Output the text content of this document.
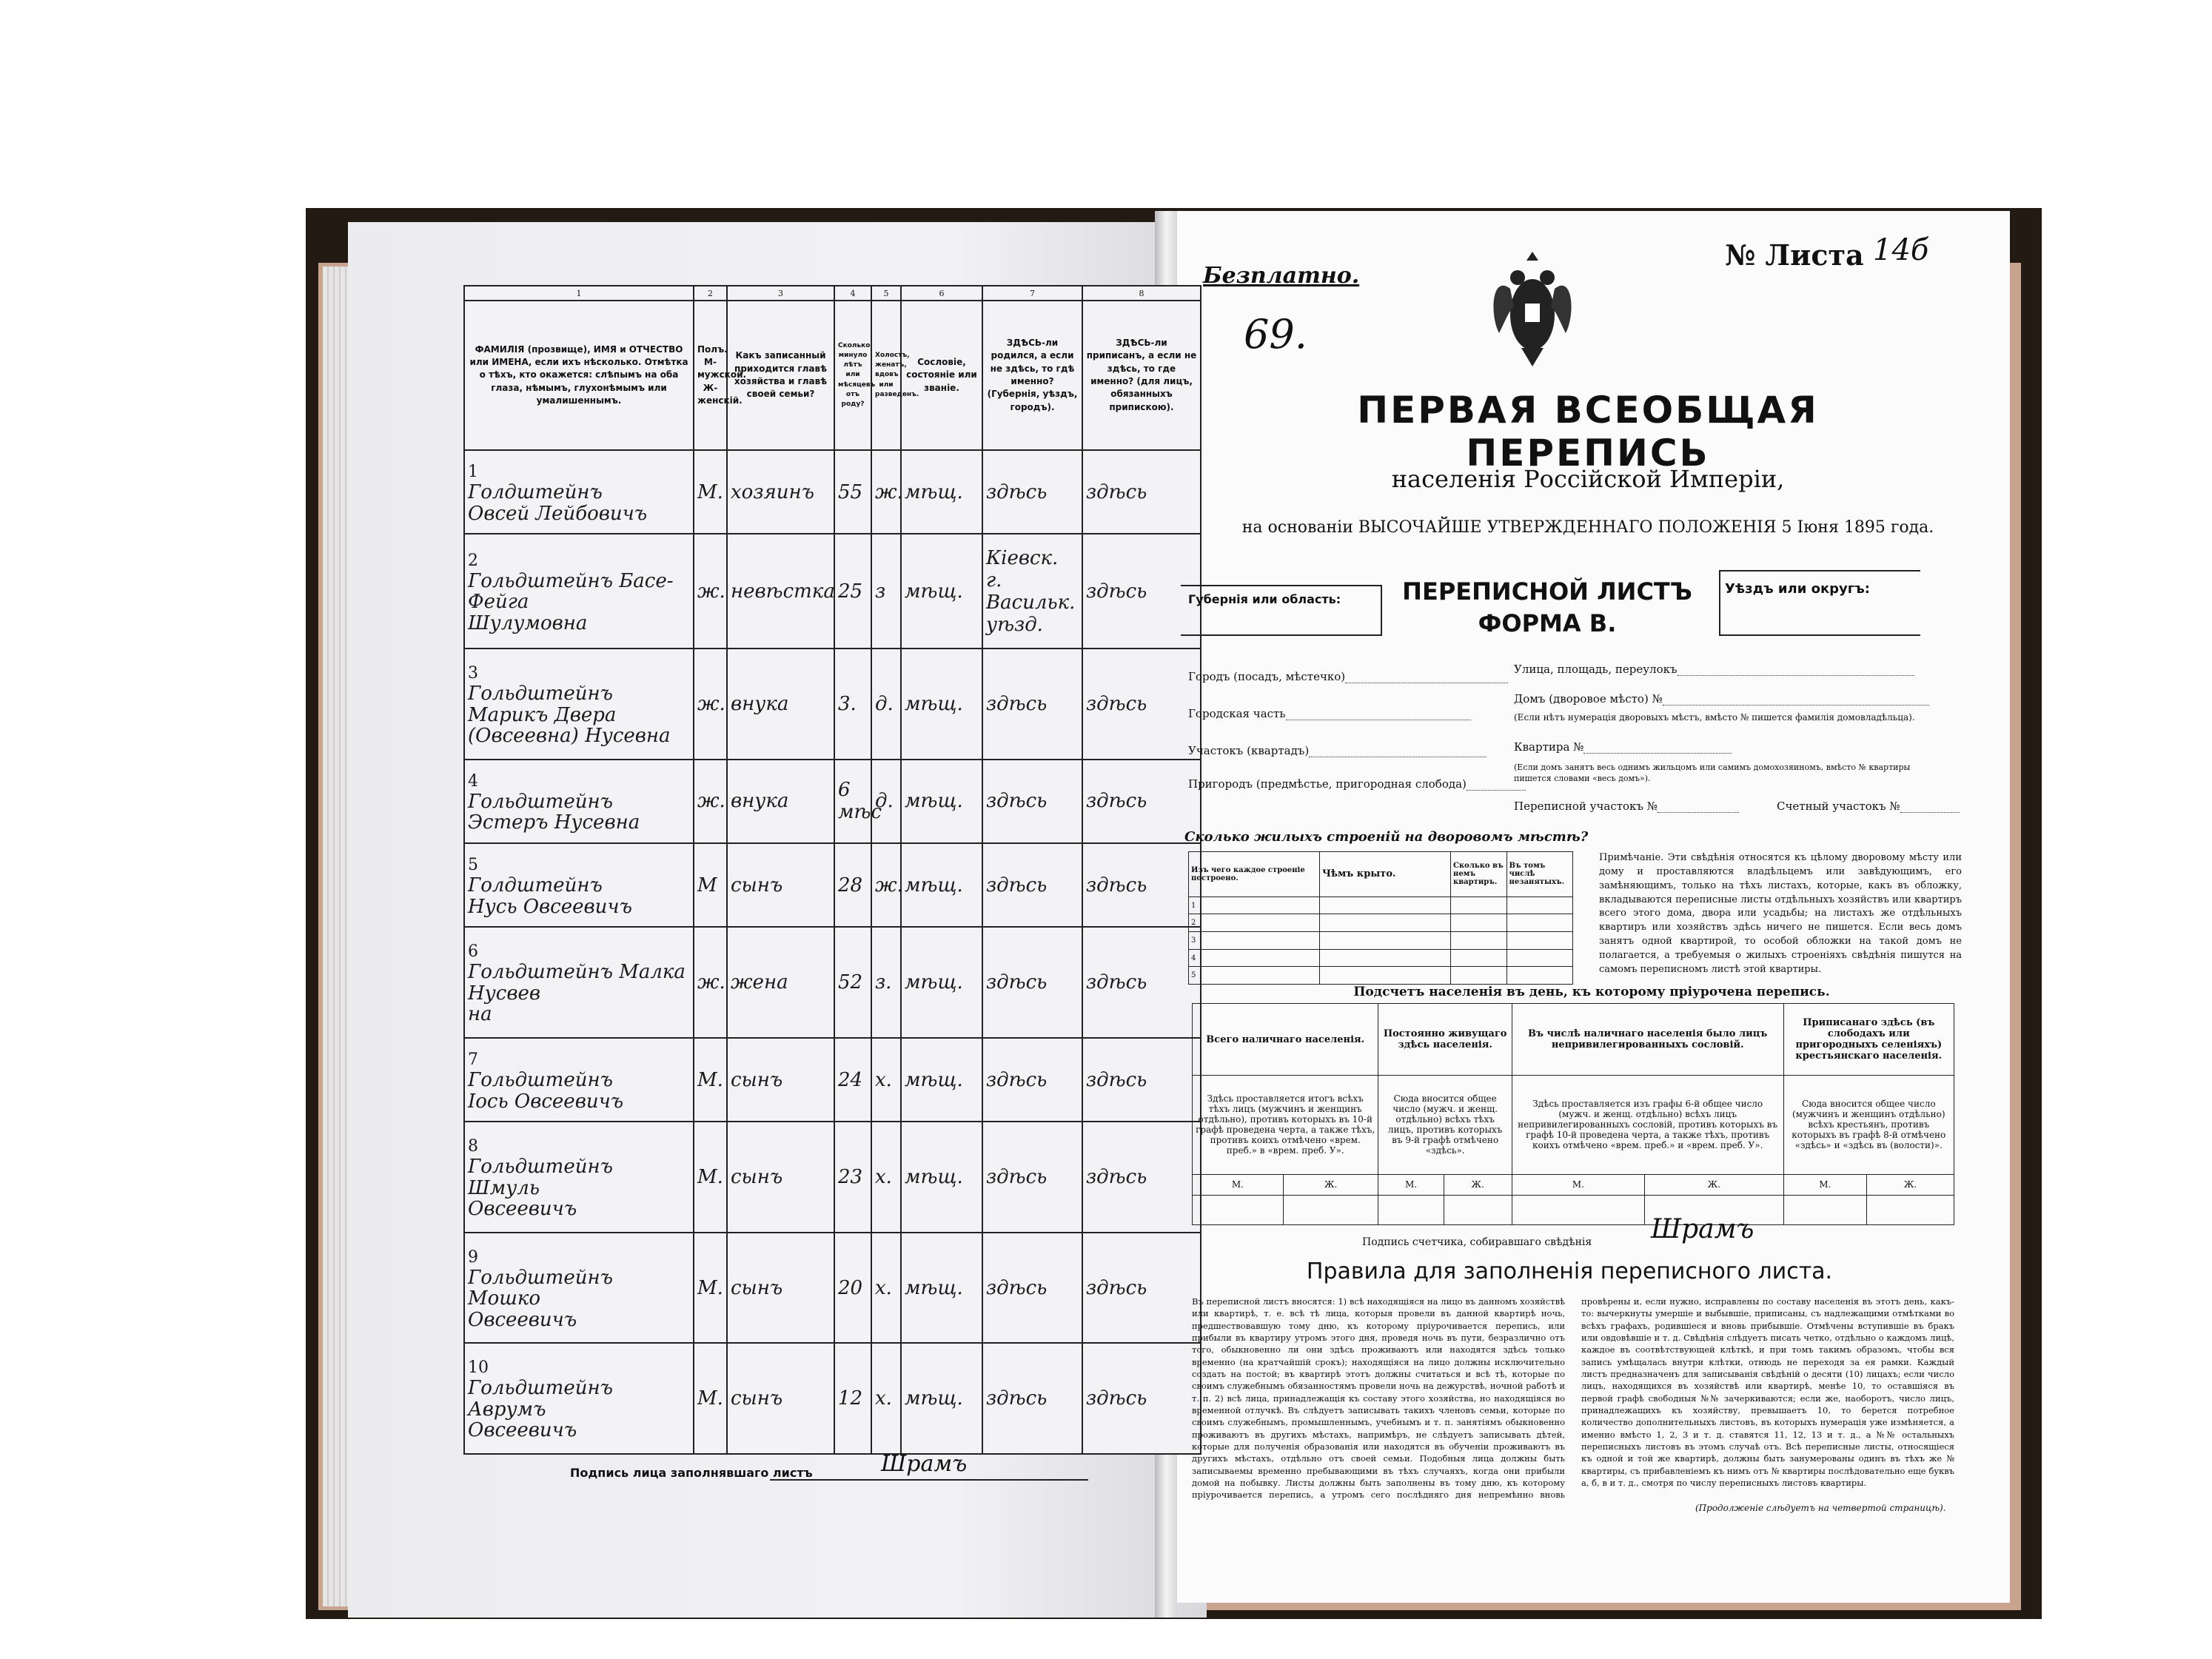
1	2	3	4	5	6	7	8
ФАМИЛІЯ (прозвище), ИМЯ и ОТЧЕСТВО или ИМЕНА, если ихъ нѣсколько. Отмѣтка о тѣхъ, кто окажется: слѣпымъ на оба глаза, нѣмымъ, глухонѣмымъ или умалишеннымъ.	Полъ. М-мужской. Ж-женскій.	Какъ записанный приходится главѣ хозяйства и главѣ своей семьи?	Сколько минуло лѣтъ или мѣсяцевъ отъ роду?	Холостъ, женатъ, вдовъ или разведенъ.	Сословіе, состояніе или званіе.	ЗДѢСЬ-ли родился, а если не здѣсь, то гдѣ именно? (Губернія, уѣздъ, городъ).	ЗДѢСЬ-ли приписанъ, а если не здѣсь, то где именно? (для лицъ, обязанныхъ припискою).
1
Голдштейнъ
Овсей Лейбовичъ	М.	хозяинъ	55	ж.	мѣщ.	здѣсь	здѣсь
2
Гольдштейнъ Басе-Фейга
Шулумовна	ж.	невѣстка	25	з	мѣщ.	Кіевск. г. Васильк. уѣзд.	здѣсь
3
Гольдштейнъ Марикъ Двера
(Овсеевна) Нусевна	ж.	внука	3.	д.	мѣщ.	здѣсь	здѣсь
4
Гольдштейнъ
Эстеръ Нусевна	ж.	внука	6 мѣс	д.	мѣщ.	здѣсь	здѣсь
5
Голдштейнъ
Нусь Овсеевичъ	М	сынъ	28	ж.	мѣщ.	здѣсь	здѣсь
6
Гольдштейнъ Малка Нусвев
на	ж.	жена	52	з.	мѣщ.	здѣсь	здѣсь
7
Гольдштейнъ
Іось Овсеевичъ	М.	сынъ	24	х.	мѣщ.	здѣсь	здѣсь
8
Гольдштейнъ Шмуль
Овсеевичъ	М.	сынъ	23	х.	мѣщ.	здѣсь	здѣсь
9
Гольдштейнъ Мошко
Овсеевичъ	М.	сынъ	20	х.	мѣщ.	здѣсь	здѣсь
10
Гольдштейнъ Аврумъ
Овсеевичъ	М.	сынъ	12	х.	мѣщ.	здѣсь	здѣсь
Подпись лица заполнявшаго листъ	Шрамъ
Безплатно.
№ Листа 14б
69.
ПЕРВАЯ ВСЕОБЩАЯ ПЕРЕПИСЬ
населенія Россійской Имперіи,
на основаніи ВЫСОЧАЙШЕ УТВЕРЖДЕННАГО ПОЛОЖЕНІЯ 5 Іюня 1895 года.
Губернія или область:	ПЕРЕПИСНОЙ ЛИСТЪ
ФОРМА В.
Уѣздъ или округъ:
Городъ (посадъ, мѣстечко)
Городская часть
Участокъ (квартадъ)
Пригородъ (предмѣстье, пригородная слобода)
Улица, площадь, переулокъ
Домъ (дворовое мѣсто) №
(Если нѣтъ нумерація дворовыхъ мѣстъ, вмѣсто № пишется фамилія домовладѣльца).
Квартира №
(Если домъ занятъ весь однимъ жильцомъ или самимъ домохозяиномъ, вмѣсто № квартиры пишется словами «весь домъ»).
Переписной участокъ №	Счетный участокъ №
Сколько жилыхъ строеній на дворовомъ мѣстѣ?
Изъ чего каждое строеніе построено.	Чѣмъ крыто.	Сколько въ немъ квартиръ.	Въ томъ числѣ незанятыхъ.
1			
2			
3			
4			
5			
Примѣчаніе. Эти свѣдѣнія относятся къ цѣлому дворовому мѣсту или дому и проставляются владѣльцемъ или завѣдующимъ, его замѣняющимъ, только на тѣхъ листахъ, которые, какъ въ обложку, вкладываются переписные листы отдѣльныхъ хозяйствъ или квартиръ всего этого дома, двора или усадьбы; на листахъ же отдѣльныхъ квартиръ или хозяйствъ здѣсь ничего не пишется. Если весь домъ занятъ одной квартирой, то особой обложки на такой домъ не полагается, а требуемыя о жилыхъ строеніяхъ свѣдѣнія пишутся на самомъ переписномъ листѣ этой квартиры.
Подсчетъ населенія въ день, къ которому пріурочена перепись.
Всего наличнаго населенія.		Постоянно живущаго здѣсь населенія.		Въ числѣ наличнаго населенія было лицъ непривилегированныхъ сословій.		Приписанаго здѣсь (въ слободахъ или пригородныхъ селеніяхъ) крестьянскаго населенія.	
Здѣсь проставляется итогъ всѣхъ тѣхъ лицъ (мужчинъ и женщинъ отдѣльно), противъ которыхъ въ 10-й графѣ проведена черта, а также тѣхъ, противъ коихъ отмѣчено «врем. преб.» в «врем. преб. У».		Сюда вносится общее число (мужч. и женщ. отдѣльно) всѣхъ тѣхъ лицъ, противъ которыхъ въ 9-й графѣ отмѣчено «здѣсь».		Здѣсь проставляется изъ графы 6-й общее число (мужч. и женщ. отдѣльно) всѣхъ лицъ непривилегированныхъ сословій, противъ которыхъ въ графѣ 10-й проведена черта, а также тѣхъ, противъ коихъ отмѣчено «врем. преб.» и «врем. преб. У».		Сюда вносится общее число (мужчинъ и женщинъ отдѣльно) всѣхъ крестьянъ, противъ которыхъ въ графѣ 8-й отмѣчено «здѣсь» и «здѣсь въ (волости)».	
М.	Ж.	М.	Ж.	М.	Ж.	М.	Ж.

Подпись счетчика, собиравшаго свѣдѣнія Шрамъ
Правила для заполненія переписного листа.
Въ переписной листъ вносятся: 1) всѣ находящіяся на лицо въ данномъ хозяйствѣ или квартирѣ, т. е. всѣ тѣ лица, которыя провели въ данной квартирѣ ночь, предшествовавшую тому дню, къ которому пріурочивается перепись, или прибыли въ квартиру утромъ этого дня, проведя ночь въ пути, безразлично отъ того, обыкновенно ли они здѣсь проживаютъ или находятся здѣсь только временно (на кратчайшій срокъ); находящіяся на лицо должны исключительно создать на постой; въ квартирѣ этотъ должны считаться и всѣ тѣ, которые по своимъ служебнымъ обязанностямъ провели ночь на дежурствѣ, ночной работѣ и т. п. 2) всѣ лица, принадлежащія къ составу этого хозяйства, но находящіяся во временной отлучкѣ. Въ слѣдуетъ записывать такихъ членовъ семьи, которые по своимъ служебнымъ, промышленнымъ, учебнымъ и т. п. занятіямъ обыкновенно проживаютъ въ другихъ мѣстахъ, напримѣръ, не слѣдуетъ записывать дѣтей, которые для полученія образованія или находятся въ обученіи проживаютъ въ другихъ мѣстахъ, отдѣльно отъ своей семьи. Подобныя лица должны быть записываемы временно пребывающими въ тѣхъ случаяхъ, когда они прибыли домой на побывку. Листы должны быть заполнены въ тому дню, къ которому пріурочивается перепись, а утромъ сего послѣдняго дня непремѣнно вновь провѣрены и, если нужно, исправлены по составу населенія въ этотъ день, какъ-то: вычеркнуты умершіе и выбывшіе, приписаны, съ надлежащими отмѣтками во всѣхъ графахъ, родившіеся и вновь прибывшіе. Отмѣчены вступившіе въ бракъ или овдовѣвшіе и т. д. Свѣдѣнія слѣдуетъ писать четко, отдѣльно о каждомъ лицѣ, каждое въ соотвѣтствующей клѣткѣ, и при томъ такимъ образомъ, чтобы вся запись умѣщалась внутри клѣтки, отнюдь не переходя за ея рамки. Каждый листъ предназначенъ для записыванія свѣдѣній о десяти (10) лицахъ; если число лицъ, находящихся въ хозяйствѣ или квартирѣ, менѣе 10, то оставшіяся въ первой графѣ свободныя №№ зачеркиваются; если же, наоборотъ, число лицъ, принадлежащихъ къ хозяйству, превышаетъ 10, то берется потребное количество дополнительныхъ листовъ, въ которыхъ нумерація уже измѣняется, а именно вмѣсто 1, 2, 3 и т. д. ставятся 11, 12, 13 и т. д., а №№ остальныхъ переписныхъ листовъ въ этомъ случаѣ отъ. Всѣ переписные листы, относящіеся къ одной и той же квартирѣ, должны быть занумерованы одинъ въ тѣхъ же № квартиры, съ прибавленіемъ къ нимъ отъ № квартиры послѣдовательно еще буквъ а, б, в и т. д., смотря по числу переписныхъ листовъ квартиры.
(Продолженіе слѣдуетъ на четвертой страницѣ).
